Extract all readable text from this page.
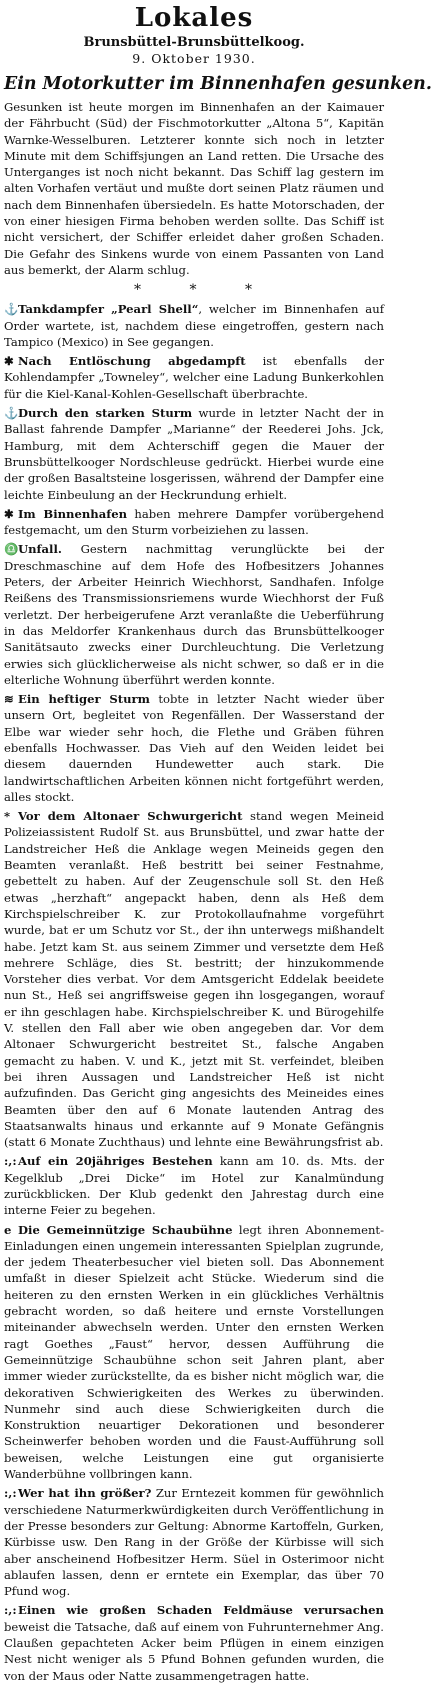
Lokales
Brunsbüttel-Brunsbüttelkoog.
9. Oktober 1930.
Ein Motorkutter im Binnenhafen gesunken.

Gesunken ist heute morgen im Binnenhafen an der Kaimauer der Fährbucht (Süd) der Fischmotorkutter „Altona 5“, Kapitän Warnke-Wesselburen. Letzterer konnte sich noch in letzter Minute mit dem Schiffsjungen an Land retten. Die Ursache des Unterganges ist noch nicht bekannt. Das Schiff lag gestern im alten Vorhafen vertäut und mußte dort seinen Platz räumen und nach dem Binnenhafen übersiedeln. Es hatte Motorschaden, der von einer hiesigen Firma behoben werden sollte. Das Schiff ist nicht versichert, der Schiffer erleidet daher großen Schaden. Die Gefahr des Sinkens wurde von einem Passanten von Land aus bemerkt, der Alarm schlug.

* * *

⚓Tankdampfer „Pearl Shell“, welcher im Binnenhafen auf Order wartete, ist, nachdem diese eingetroffen, gestern nach Tampico (Mexico) in See gegangen.

✱ Nach Entlöschung abgedampft ist ebenfalls der Kohlendampfer „Towneley“, welcher eine Ladung Bunkerkohlen für die Kiel-Kanal-Kohlen-Gesellschaft überbrachte.

⚓Durch den starken Sturm wurde in letzter Nacht der in Ballast fahrende Dampfer „Marianne“ der Reederei Johs. Jck, Hamburg, mit dem Achterschiff gegen die Mauer der Brunsbüttelkooger Nordschleuse gedrückt. Hierbei wurde eine der großen Basaltsteine losgerissen, während der Dampfer eine leichte Einbeulung an der Heckrundung erhielt.

✱ Im Binnenhafen haben mehrere Dampfer vorübergehend festgemacht, um den Sturm vorbeiziehen zu lassen.

♎Unfall. Gestern nachmittag verunglückte bei der Dreschmaschine auf dem Hofe des Hofbesitzers Johannes Peters, der Arbeiter Heinrich Wiechhorst, Sandhafen. Infolge Reißens des Transmissionsriemens wurde Wiechhorst der Fuß verletzt. Der herbeigerufene Arzt veranlaßte die Ueberführung in das Meldorfer Krankenhaus durch das Brunsbüttelkooger Sanitätsauto zwecks einer Durchleuchtung. Die Verletzung erwies sich glücklicherweise als nicht schwer, so daß er in die elterliche Wohnung überführt werden konnte.

≋ Ein heftiger Sturm tobte in letzter Nacht wieder über unsern Ort, begleitet von Regenfällen. Der Wasserstand der Elbe war wieder sehr hoch, die Flethe und Gräben führen ebenfalls Hochwasser. Das Vieh auf den Weiden leidet bei diesem dauernden Hundewetter auch stark. Die landwirtschaftlichen Arbeiten können nicht fortgeführt werden, alles stockt.

* Vor dem Altonaer Schwurgericht stand wegen Meineid Polizeiassistent Rudolf St. aus Brunsbüttel, und zwar hatte der Landstreicher Heß die Anklage wegen Meineids gegen den Beamten veranlaßt. Heß bestritt bei seiner Festnahme, gebettelt zu haben. Auf der Zeugenschule soll St. den Heß etwas „herzhaft“ angepackt haben, denn als Heß dem Kirchspielschreiber K. zur Protokollaufnahme vorgeführt wurde, bat er um Schutz vor St., der ihn unterwegs mißhandelt habe. Jetzt kam St. aus seinem Zimmer und versetzte dem Heß mehrere Schläge, dies St. bestritt; der hinzukommende Vorsteher dies verbat. Vor dem Amtsgericht Eddelak beeidete nun St., Heß sei angriffsweise gegen ihn losgegangen, worauf er ihn geschlagen habe. Kirchspielschreiber K. und Bürogehilfe V. stellen den Fall aber wie oben angegeben dar. Vor dem Altonaer Schwurgericht bestreitet St., falsche Angaben gemacht zu haben. V. und K., jetzt mit St. verfeindet, bleiben bei ihren Aussagen und Landstreicher Heß ist nicht aufzufinden. Das Gericht ging angesichts des Meineides eines Beamten über den auf 6 Monate lautenden Antrag des Staatsanwalts hinaus und erkannte auf 9 Monate Gefängnis (statt 6 Monate Zuchthaus) und lehnte eine Bewährungsfrist ab.

:,:Auf ein 20jähriges Bestehen kann am 10. ds. Mts. der Kegelklub „Drei Dicke“ im Hotel zur Kanalmündung zurückblicken. Der Klub gedenkt den Jahrestag durch eine interne Feier zu begehen.

e Die Gemeinnützige Schaubühne legt ihren Abonnement-Einladungen einen ungemein interessanten Spielplan zugrunde, der jedem Theaterbesucher viel bieten soll. Das Abonnement umfaßt in dieser Spielzeit acht Stücke. Wiederum sind die heiteren zu den ernsten Werken in ein glückliches Verhältnis gebracht worden, so daß heitere und ernste Vorstellungen miteinander abwechseln werden. Unter den ernsten Werken ragt Goethes „Faust“ hervor, dessen Aufführung die Gemeinnützige Schaubühne schon seit Jahren plant, aber immer wieder zurückstellte, da es bisher nicht möglich war, die dekorativen Schwierigkeiten des Werkes zu überwinden. Nunmehr sind auch diese Schwierigkeiten durch die Konstruktion neuartiger Dekorationen und besonderer Scheinwerfer behoben worden und die Faust-Aufführung soll beweisen, welche Leistungen eine gut organisierte Wanderbühne vollbringen kann.

:,:Wer hat ihn größer? Zur Erntezeit kommen für gewöhnlich verschiedene Naturmerkwürdigkeiten durch Veröffentlichung in der Presse besonders zur Geltung: Abnorme Kartoffeln, Gurken, Kürbisse usw. Den Rang in der Größe der Kürbisse will sich aber anscheinend Hofbesitzer Herm. Süel in Osterimoor nicht ablaufen lassen, denn er erntete ein Exemplar, das über 70 Pfund wog.

:,:Einen wie großen Schaden Feldmäuse verursachen beweist die Tatsache, daß auf einem von Fuhrunternehmer Ang. Claußen gepachteten Acker beim Pflügen in einem einzigen Nest nicht weniger als 5 Pfund Bohnen gefunden wurden, die von der Maus oder Natte zusammengetragen hatte.
